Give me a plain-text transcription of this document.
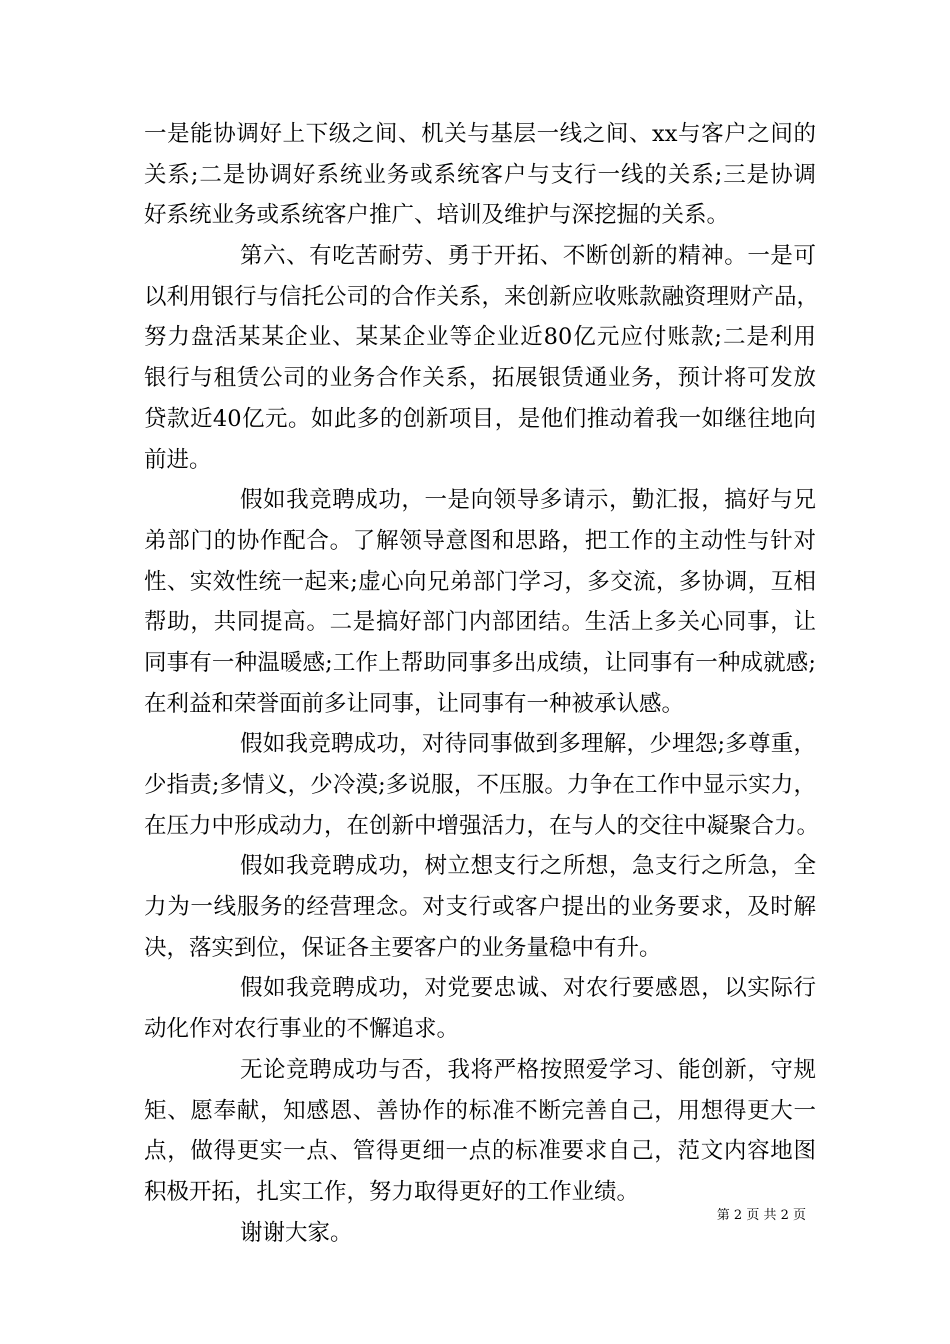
一是能协调好上下级之间、机关与基层一线之间、xx与客户之间的
关系;二是协调好系统业务或系统客户与支行一线的关系;三是协调
好系统业务或系统客户推广、培训及维护与深挖掘的关系。
第六、有吃苦耐劳、勇于开拓、不断创新的精神。一是可
以利用银行与信托公司的合作关系，来创新应收账款融资理财产品，
努力盘活某某企业、某某企业等企业近80亿元应付账款;二是利用
银行与租赁公司的业务合作关系，拓展银赁通业务，预计将可发放
贷款近40亿元。如此多的创新项目，是他们推动着我一如继往地向
前进。
假如我竞聘成功，一是向领导多请示，勤汇报，搞好与兄
弟部门的协作配合。了解领导意图和思路，把工作的主动性与针对
性、实效性统一起来;虚心向兄弟部门学习，多交流，多协调，互相
帮助，共同提高。二是搞好部门内部团结。生活上多关心同事，让
同事有一种温暖感;工作上帮助同事多出成绩，让同事有一种成就感;
在利益和荣誉面前多让同事，让同事有一种被承认感。
假如我竞聘成功，对待同事做到多理解，少埋怨;多尊重，
少指责;多情义，少冷漠;多说服，不压服。力争在工作中显示实力，
在压力中形成动力，在创新中增强活力，在与人的交往中凝聚合力。
假如我竞聘成功，树立想支行之所想，急支行之所急，全
力为一线服务的经营理念。对支行或客户提出的业务要求，及时解
决，落实到位，保证各主要客户的业务量稳中有升。
假如我竞聘成功，对党要忠诚、对农行要感恩，以实际行
动化作对农行事业的不懈追求。
无论竞聘成功与否，我将严格按照爱学习、能创新，守规
矩、愿奉献，知感恩、善协作的标准不断完善自己，用想得更大一
点，做得更实一点、管得更细一点的标准要求自己，范文内容地图
积极开拓，扎实工作，努力取得更好的工作业绩。
谢谢大家。
第 2 页 共 2 页
